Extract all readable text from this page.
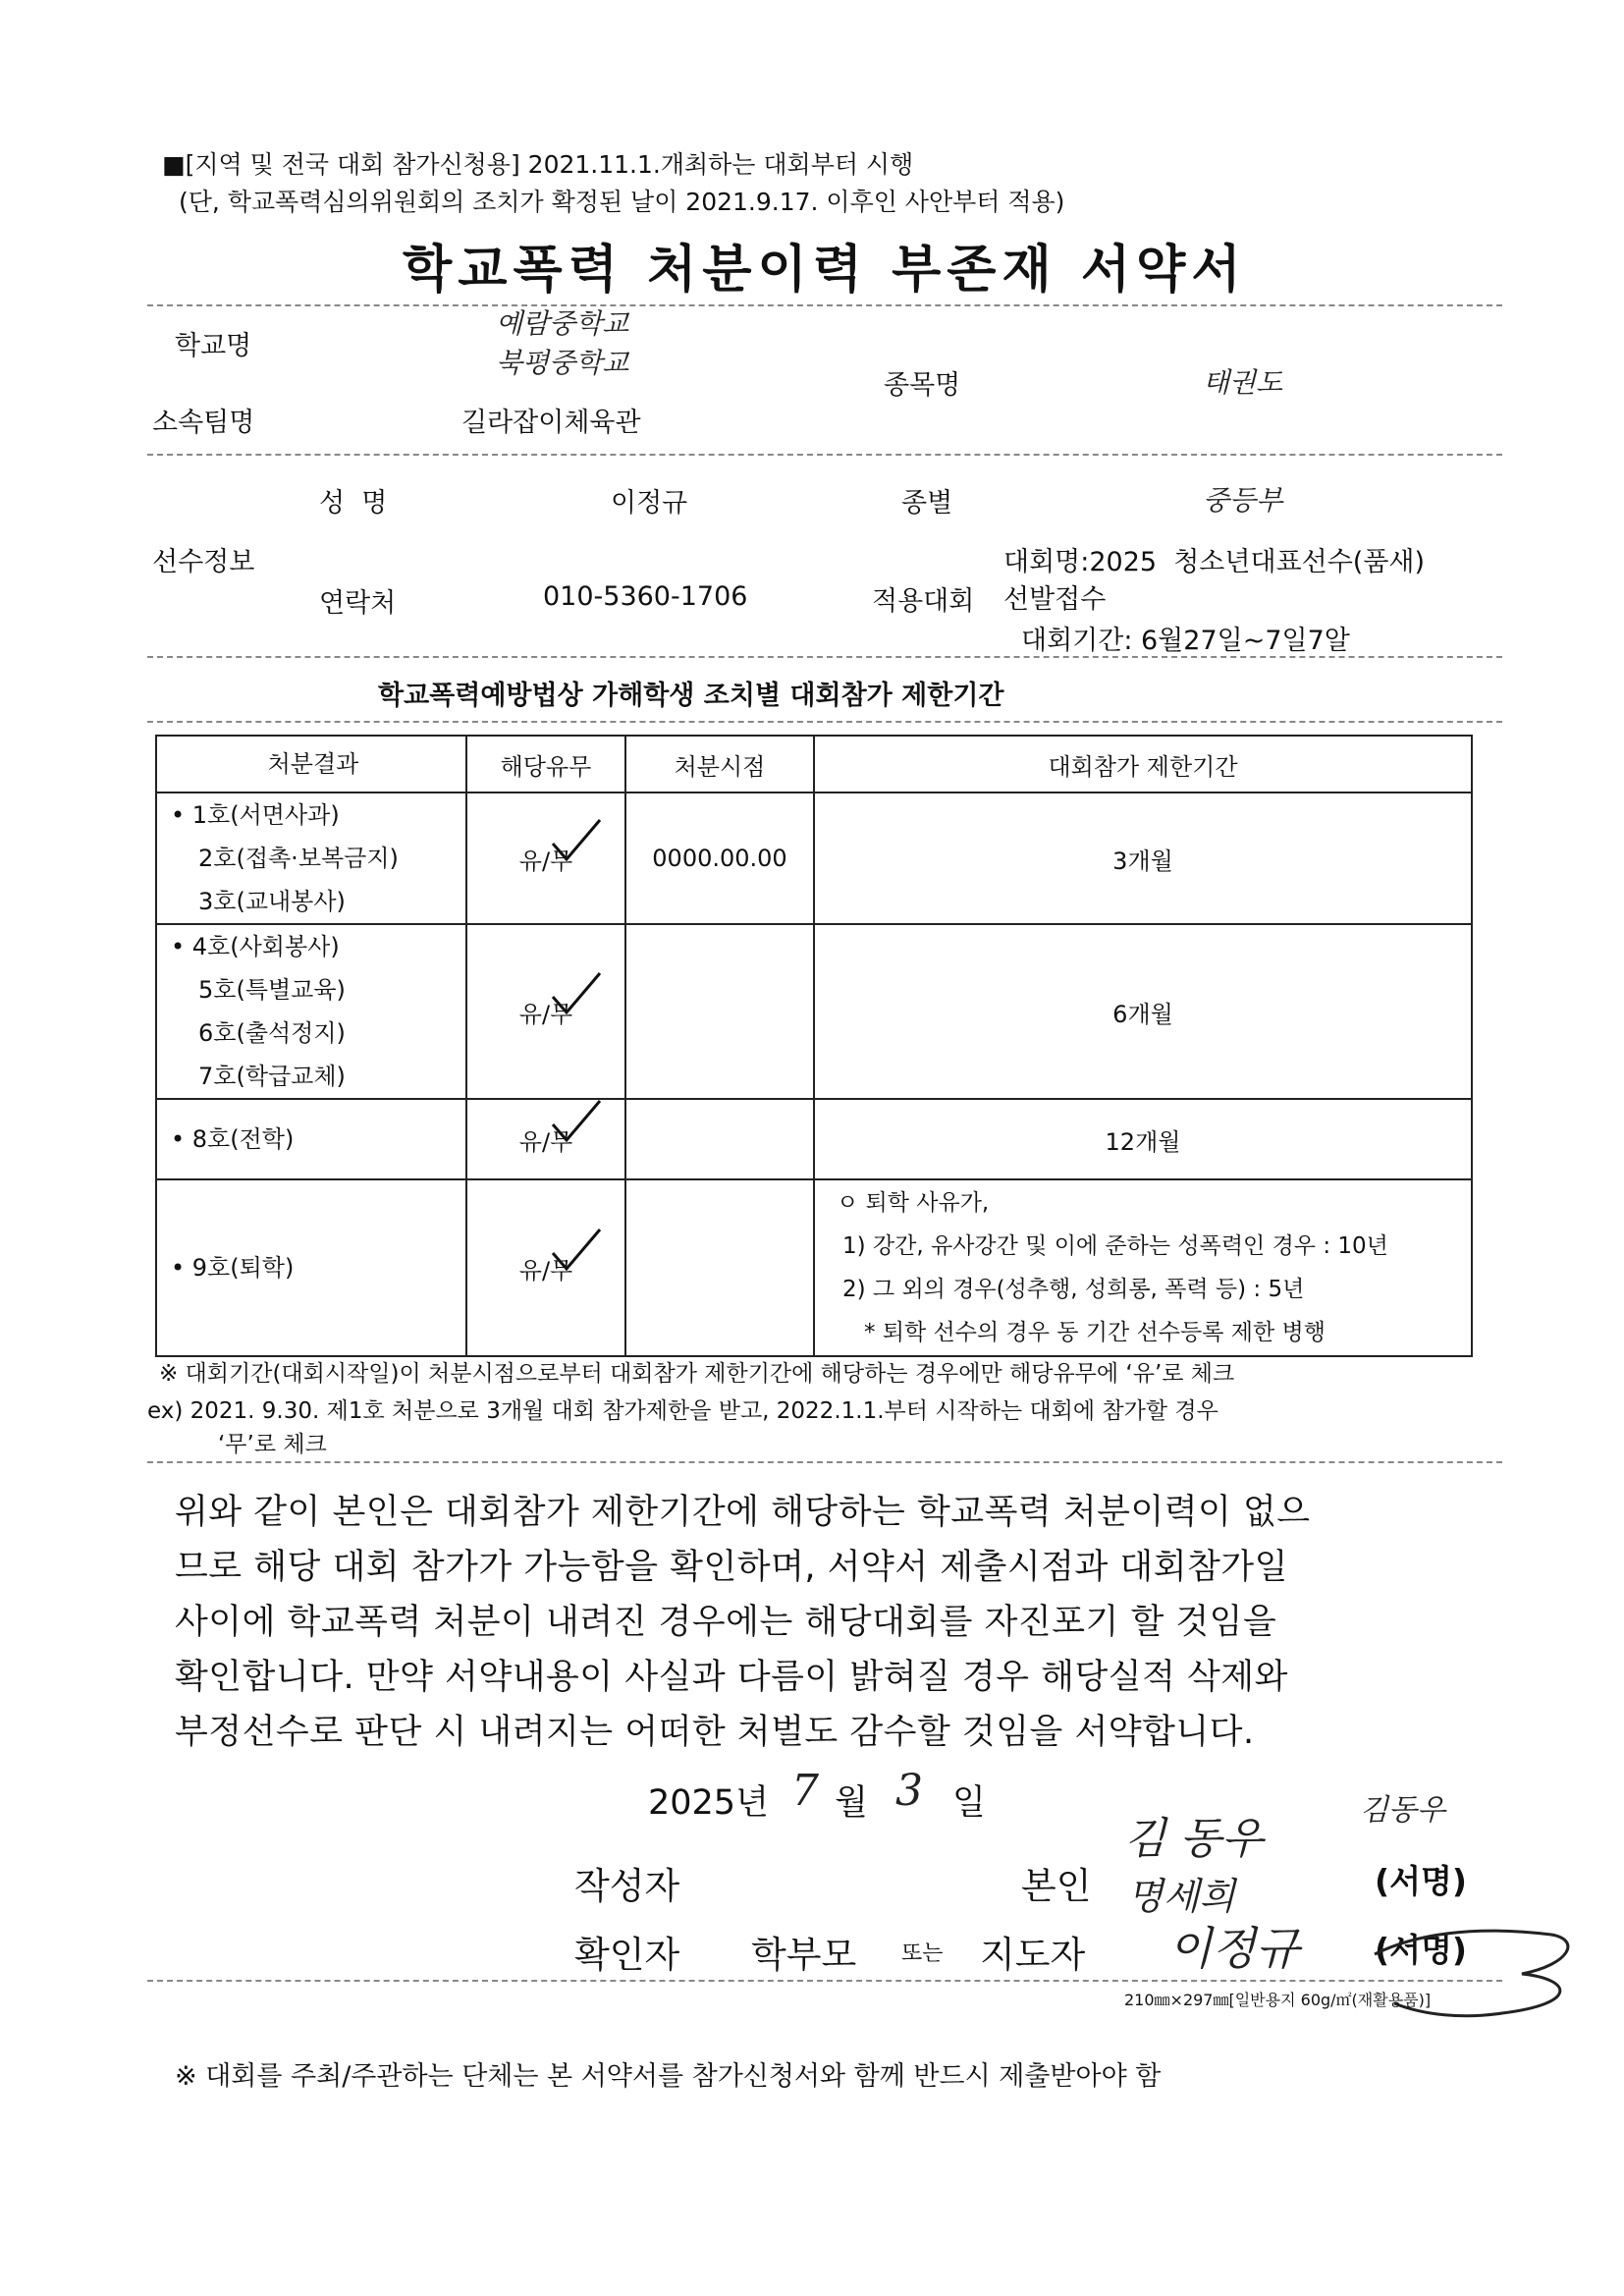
■[지역 및 전국 대회 참가신청용] 2021.11.1.개최하는 대회부터 시행
(단, 학교폭력심의위원회의 조치가 확정된 날이 2021.9.17. 이후인 사안부터 적용)
학교폭력 처분이력 부존재 서약서
학교명
예람중학교
북평중학교
종목명	태권도
소속팀명	길라잡이체육관
성  명	이정규	종별	중등부
선수정보	대회명:2025  청소년대표선수(품새)
연락처	010-5360-1706	적용대회 선발접수
대회기간: 6월27일~7일7알
학교폭력예방법상 가해학생 조치별 대회참가 제한기간
처분결과	해당유무	처분시점	대회참가 제한기간

• 1호(서면사과)
2호(접촉·보복금지)
3호(교내봉사)	유/무	0000.00.00	3개월

• 4호(사회봉사)
5호(특별교육)
6호(출석정지)
7호(학급교체)	유/무		6개월

• 8호(전학)	유/무		12개월

• 9호(퇴학)	유/무		ㅇ 퇴학 사유가,
1) 강간, 유사강간 및 이에 준하는 성폭력인 경우 : 10년
2) 그 외의 경우(성추행, 성희롱, 폭력 등) : 5년
* 퇴학 선수의 경우 동 기간 선수등록 제한 병행
※ 대회기간(대회시작일)이 처분시점으로부터 대회참가 제한기간에 해당하는 경우에만 해당유무에 ‘유’로 체크
ex) 2021. 9.30. 제1호 처분으로 3개월 대회 참가제한을 받고, 2022.1.1.부터 시작하는 대회에 참가할 경우
‘무’로 체크
위와 같이 본인은 대회참가 제한기간에 해당하는 학교폭력 처분이력이 없으
므로 해당 대회 참가가 가능함을 확인하며, 서약서 제출시점과 대회참가일
사이에 학교폭력 처분이 내려진 경우에는 해당대회를 자진포기 할 것임을
확인합니다. 만약 서약내용이 사실과 다름이 밝혀질 경우 해당실적 삭제와
부정선수로 판단 시 내려지는 어떠한 처벌도 감수할 것임을 서약합니다.
2025년 7 월 3 일
작성자	본인
김 동우
김동우
(서명)
명세희
확인자 학부모 또는 지도자 이정규 (서명)
210㎜×297㎜[일반용지 60g/㎡(재활용품)]
※ 대회를 주최/주관하는 단체는 본 서약서를 참가신청서와 함께 반드시 제출받아야 함
